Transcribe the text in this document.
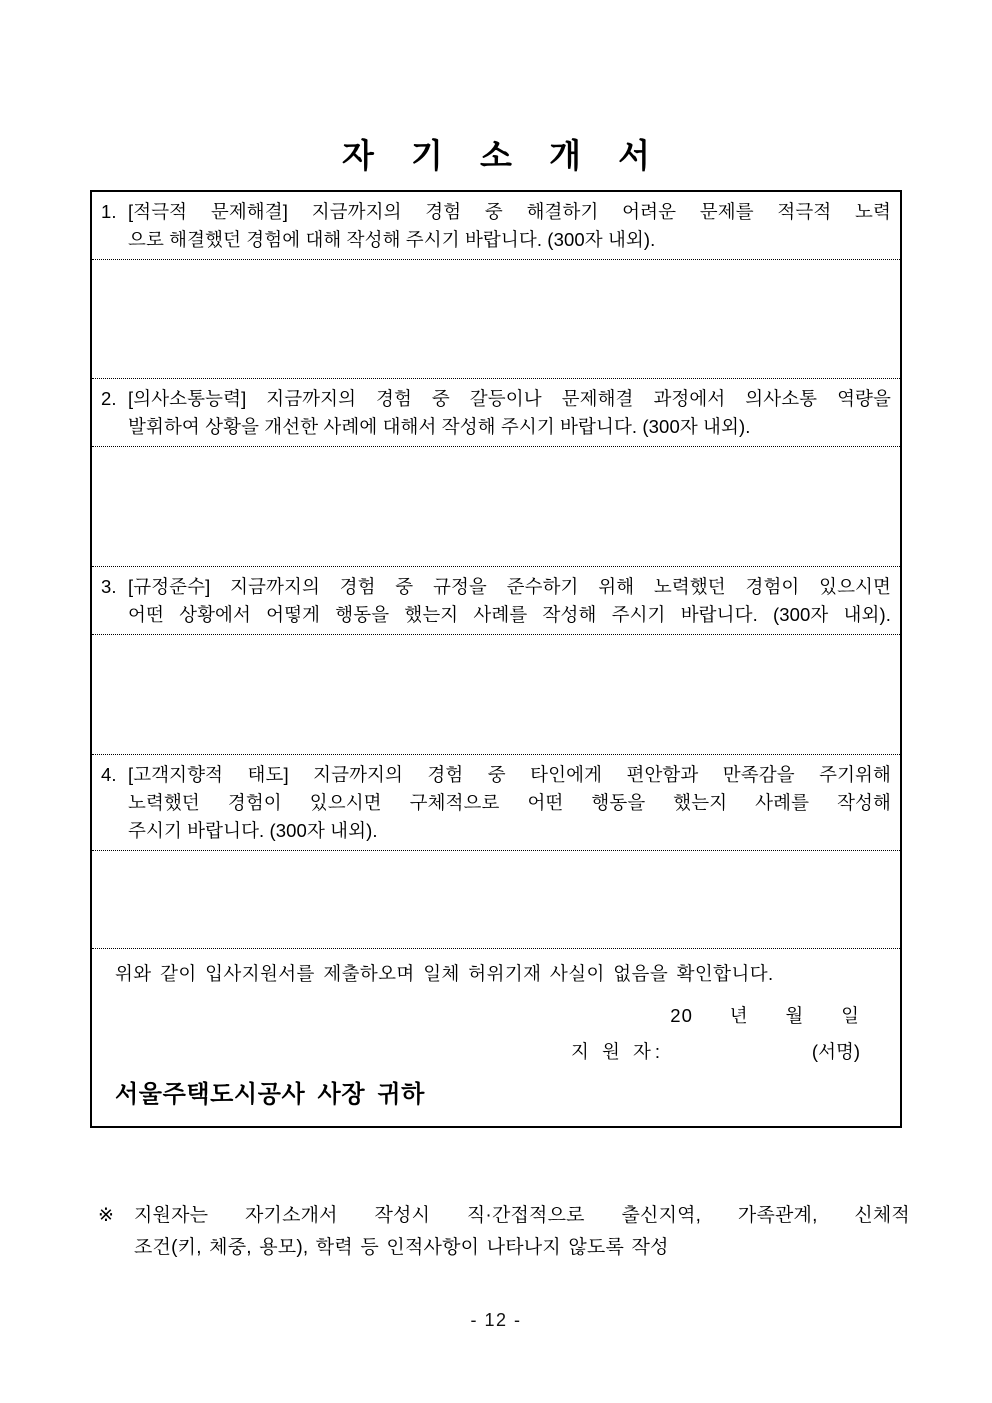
자 기 소 개 서
1. [적극적 문제해결] 지금까지의 경험 중 해결하기 어려운 문제를 적극적 노력
으로 해결했던 경험에 대해 작성해 주시기 바랍니다. (300자 내외).
2. [의사소통능력] 지금까지의 경험 중 갈등이나 문제해결 과정에서 의사소통 역량을
발휘하여 상황을 개선한 사례에 대해서 작성해 주시기 바랍니다. (300자 내외).
3. [규정준수] 지금까지의 경험 중 규정을 준수하기 위해 노력했던 경험이 있으시면
어떤 상황에서 어떻게 행동을 했는지 사례를 작성해 주시기 바랍니다. (300자 내외).
4. [고객지향적 태도] 지금까지의 경험 중 타인에게 편안함과 만족감을 주기위해
노력했던 경험이 있으시면 구체적으로 어떤 행동을 했는지 사례를 작성해
주시기 바랍니다. (300자 내외).
위와 같이 입사지원서를 제출하오며 일체 허위기재 사실이 없음을 확인합니다.
20      년      월      일
지 원 자:	(서명)
서울주택도시공사 사장 귀하
※	지원자는 자기소개서 작성시 직·간접적으로 출신지역, 가족관계, 신체적
조건(키, 체중, 용모), 학력 등 인적사항이 나타나지 않도록 작성
- 12 -
